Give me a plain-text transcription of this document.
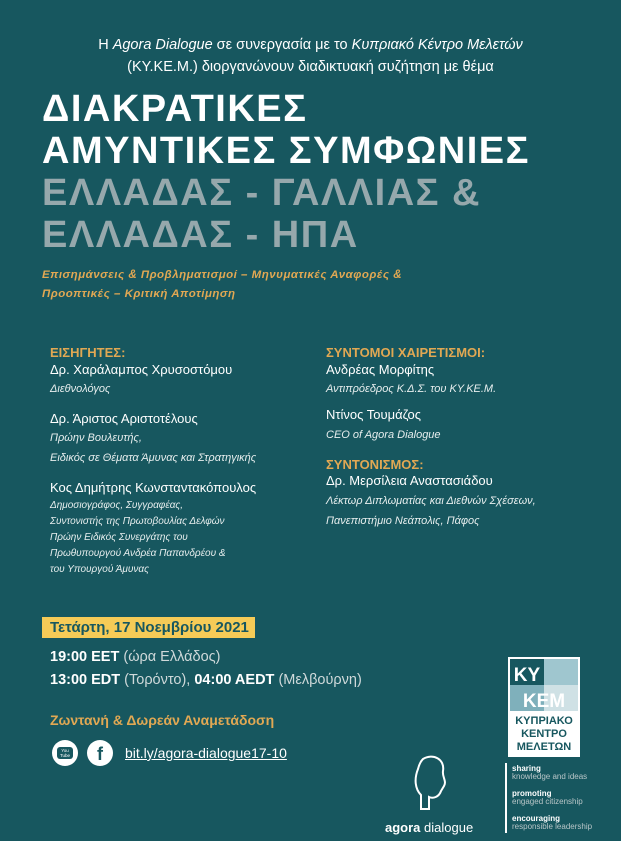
Η Agora Dialogue σε συνεργασία με το Κυπριακό Κέντρο Μελετών
(ΚΥ.ΚΕ.Μ.) διοργανώνουν διαδικτυακή συζήτηση με θέμα
ΔΙΑΚΡΑΤΙΚΕΣ
ΑΜΥΝΤΙΚΕΣ ΣΥΜΦΩΝΙΕΣ
ΕΛΛΑΔΑΣ - ΓΑΛΛΙΑΣ &
ΕΛΛΑΔΑΣ - ΗΠΑ
Επισημάνσεις & Προβληματισμοί – Μηνυματικές Αναφορές &
Προοπτικές – Κριτική Αποτίμηση
ΕΙΣΗΓΗΤΕΣ:
Δρ. Χαράλαμπος Χρυσοστόμου
Διεθνολόγος
Δρ. Άριστος Αριστοτέλους
Πρώην Βουλευτής,
Ειδικός σε Θέματα Άμυνας και Στρατηγικής
Κος Δημήτρης Κωνσταντακόπουλος
Δημοσιογράφος, Συγγραφέας,
Συντονιστής της Πρωτοβουλίας Δελφών
Πρώην Ειδικός Συνεργάτης του
Πρωθυπουργού Ανδρέα Παπανδρέου &
του Υπουργού Άμυνας
ΣΥΝΤΟΜΟΙ ΧΑΙΡΕΤΙΣΜΟΙ:
Ανδρέας Μορφίτης
Αντιπρόεδρος Κ.Δ.Σ. του ΚΥ.ΚΕ.Μ.
Ντίνος Τουμάζος
CEO of Agora Dialogue
ΣΥΝΤΟΝΙΣΜΟΣ:
Δρ. Μερσίλεια Αναστασιάδου
Λέκτωρ Διπλωματίας και Διεθνών Σχέσεων,
Πανεπιστήμιο Νεάπολις, Πάφος
Τετάρτη, 17 Νοεμβρίου 2021
19:00 EET (ώρα Ελλάδος)
13:00 EDT (Τορόντο), 04:00 AEDT (Μελβούρνη)
Ζωντανή & Δωρεάν Αναμετάδοση
You
Tube f bit.ly/agora-dialogue17-10
ΚΥ
ΚΕΜ
ΚΥΠΡΙΑΚΟ
ΚΕΝΤΡΟ
ΜΕΛΕΤΩΝ
agora dialogue
sharing
knowledge and ideas
promoting
engaged citizenship
encouraging
responsible leadership
